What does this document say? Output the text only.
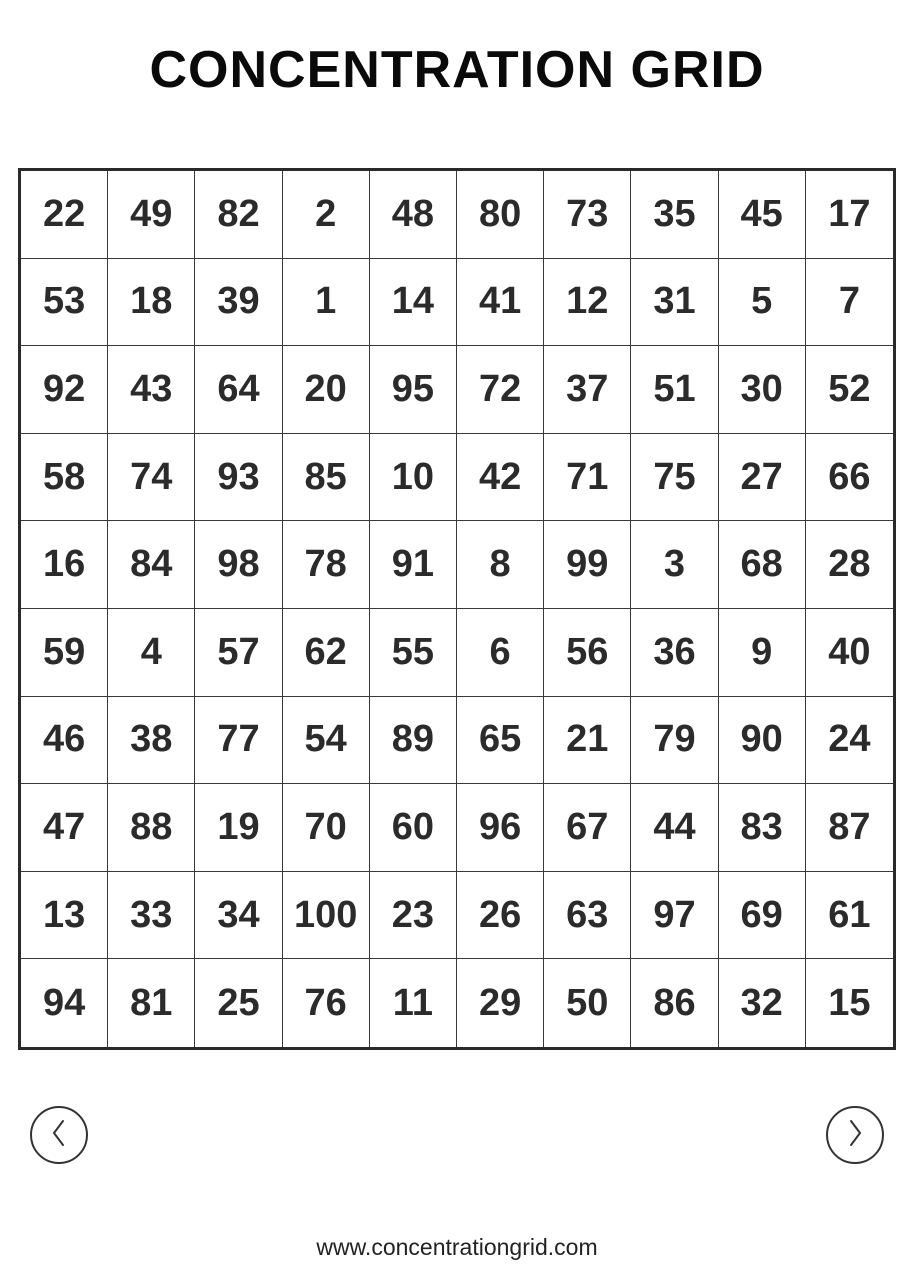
CONCENTRATION GRID
22	49	82	2	48	80	73	35	45	17
53	18	39	1	14	41	12	31	5	7
92	43	64	20	95	72	37	51	30	52
58	74	93	85	10	42	71	75	27	66
16	84	98	78	91	8	99	3	68	28
59	4	57	62	55	6	56	36	9	40
46	38	77	54	89	65	21	79	90	24
47	88	19	70	60	96	67	44	83	87
13	33	34 100 23	26	63	97	69	61
94	81	25	76	11	29	50	86	32	15
www.concentrationgrid.com
